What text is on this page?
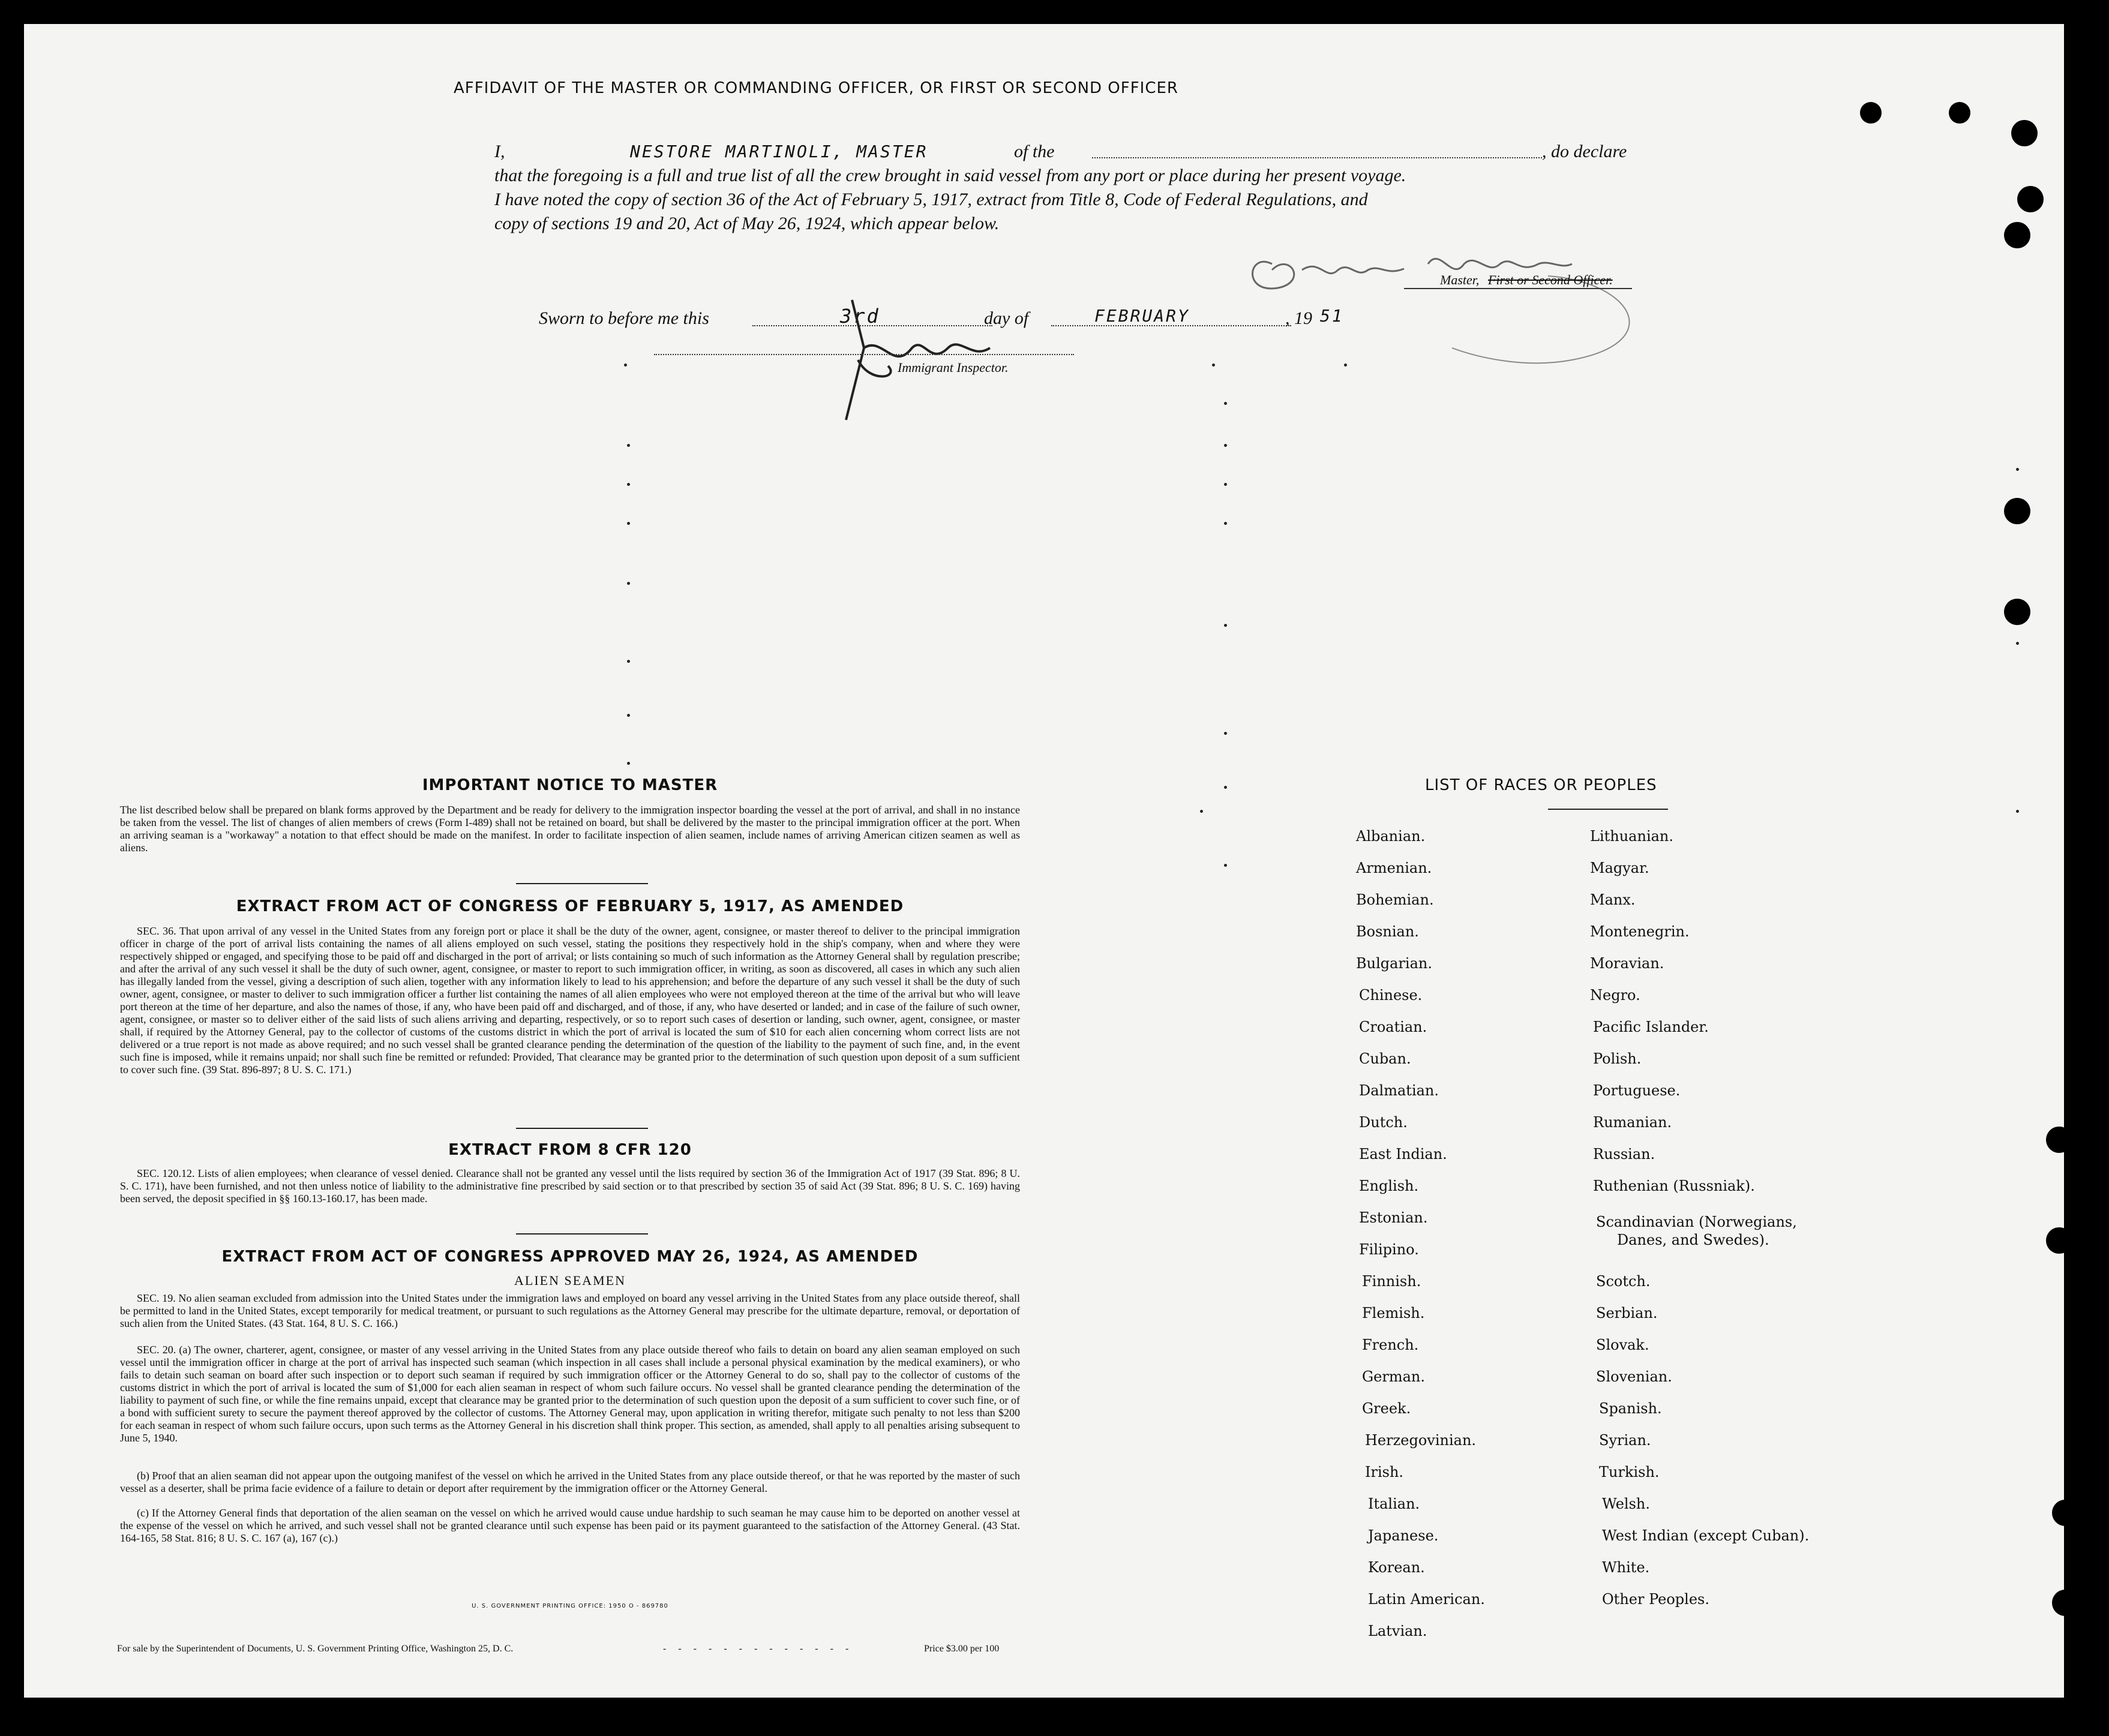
AFFIDAVIT OF THE MASTER OR COMMANDING OFFICER, OR FIRST OR SECOND OFFICER
I,	NESTORE MARTINOLI, MASTER	of the	, do declare
that the foregoing is a full and true list of all the crew brought in said vessel from any port or place during her present voyage.
I have noted the copy of section 36 of the Act of February 5, 1917, extract from Title 8, Code of Federal Regulations, and
copy of sections 19 and 20, Act of May 26, 1924, which appear below.
Master, First or Second Officer.
Sworn to before me this	3rd	day of	FEBRUARY	, 19 51
Immigrant Inspector.
IMPORTANT NOTICE TO MASTER
The list described below shall be prepared on blank forms approved by the Department and be ready for delivery to the immigration inspector boarding the vessel at the port of arrival, and shall in no instance be taken from the vessel. The list of changes of alien members of crews (Form I-489) shall not be retained on board, but shall be delivered by the master to the principal immigration officer at the port. When an arriving seaman is a "workaway" a notation to that effect should be made on the manifest. In order to facilitate inspection of alien seamen, include names of arriving American citizen seamen as well as aliens.
EXTRACT FROM ACT OF CONGRESS OF FEBRUARY 5, 1917, AS AMENDED
SEC. 36. That upon arrival of any vessel in the United States from any foreign port or place it shall be the duty of the owner, agent, consignee, or master thereof to deliver to the principal immigration officer in charge of the port of arrival lists containing the names of all aliens employed on such vessel, stating the positions they respectively hold in the ship's company, when and where they were respectively shipped or engaged, and specifying those to be paid off and discharged in the port of arrival; or lists containing so much of such information as the Attorney General shall by regulation prescribe; and after the arrival of any such vessel it shall be the duty of such owner, agent, consignee, or master to report to such immigration officer, in writing, as soon as discovered, all cases in which any such alien has illegally landed from the vessel, giving a description of such alien, together with any information likely to lead to his apprehension; and before the departure of any such vessel it shall be the duty of such owner, agent, consignee, or master to deliver to such immigration officer a further list containing the names of all alien employees who were not employed thereon at the time of the arrival but who will leave port thereon at the time of her departure, and also the names of those, if any, who have been paid off and discharged, and of those, if any, who have deserted or landed; and in case of the failure of such owner, agent, consignee, or master so to deliver either of the said lists of such aliens arriving and departing, respectively, or so to report such cases of desertion or landing, such owner, agent, consignee, or master shall, if required by the Attorney General, pay to the collector of customs of the customs district in which the port of arrival is located the sum of $10 for each alien concerning whom correct lists are not delivered or a true report is not made as above required; and no such vessel shall be granted clearance pending the determination of the question of the liability to the payment of such fine, and, in the event such fine is imposed, while it remains unpaid; nor shall such fine be remitted or refunded: Provided, That clearance may be granted prior to the determination of such question upon deposit of a sum sufficient to cover such fine. (39 Stat. 896-897; 8 U. S. C. 171.)
EXTRACT FROM 8 CFR 120
SEC. 120.12. Lists of alien employees; when clearance of vessel denied. Clearance shall not be granted any vessel until the lists required by section 36 of the Immigration Act of 1917 (39 Stat. 896; 8 U. S. C. 171), have been furnished, and not then unless notice of liability to the administrative fine prescribed by said section or to that prescribed by section 35 of said Act (39 Stat. 896; 8 U. S. C. 169) having been served, the deposit specified in §§ 160.13-160.17, has been made.
EXTRACT FROM ACT OF CONGRESS APPROVED MAY 26, 1924, AS AMENDED
ALIEN SEAMEN
SEC. 19. No alien seaman excluded from admission into the United States under the immigration laws and employed on board any vessel arriving in the United States from any place outside thereof, shall be permitted to land in the United States, except temporarily for medical treatment, or pursuant to such regulations as the Attorney General may prescribe for the ultimate departure, removal, or deportation of such alien from the United States. (43 Stat. 164, 8 U. S. C. 166.)
SEC. 20. (a) The owner, charterer, agent, consignee, or master of any vessel arriving in the United States from any place outside thereof who fails to detain on board any alien seaman employed on such vessel until the immigration officer in charge at the port of arrival has inspected such seaman (which inspection in all cases shall include a personal physical examination by the medical examiners), or who fails to detain such seaman on board after such inspection or to deport such seaman if required by such immigration officer or the Attorney General to do so, shall pay to the collector of customs of the customs district in which the port of arrival is located the sum of $1,000 for each alien seaman in respect of whom such failure occurs. No vessel shall be granted clearance pending the determination of the liability to payment of such fine, or while the fine remains unpaid, except that clearance may be granted prior to the determination of such question upon the deposit of a sum sufficient to cover such fine, or of a bond with sufficient surety to secure the payment thereof approved by the collector of customs. The Attorney General may, upon application in writing therefor, mitigate such penalty to not less than $200 for each seaman in respect of whom such failure occurs, upon such terms as the Attorney General in his discretion shall think proper. This section, as amended, shall apply to all penalties arising subsequent to June 5, 1940.
(b) Proof that an alien seaman did not appear upon the outgoing manifest of the vessel on which he arrived in the United States from any place outside thereof, or that he was reported by the master of such vessel as a deserter, shall be prima facie evidence of a failure to detain or deport after requirement by the immigration officer or the Attorney General.
(c) If the Attorney General finds that deportation of the alien seaman on the vessel on which he arrived would cause undue hardship to such seaman he may cause him to be deported on another vessel at the expense of the vessel on which he arrived, and such vessel shall not be granted clearance until such expense has been paid or its payment guaranteed to the satisfaction of the Attorney General. (43 Stat. 164-165, 58 Stat. 816; 8 U. S. C. 167 (a), 167 (c).)
U. S. GOVERNMENT PRINTING OFFICE: 1950 O - 869780
For sale by the Superintendent of Documents, U. S. Government Printing Office, Washington 25, D. C.	- - - - - - - - - - - - -	Price $3.00 per 100
LIST OF RACES OR PEOPLES
Albanian.
Armenian.
Bohemian.
Bosnian.
Bulgarian.
Chinese.
Croatian.
Cuban.
Dalmatian.
Dutch.
East Indian.
English.
Estonian.
Filipino.
Finnish.
Flemish.
French.
German.
Greek.
Herzegovinian.
Irish.
Italian.
Japanese.
Korean.
Latin American.
Latvian.
Lithuanian.
Magyar.
Manx.
Montenegrin.
Moravian.
Negro.
Pacific Islander.
Polish.
Portuguese.
Rumanian.
Russian.
Ruthenian (Russniak).
Scandinavian (Norwegians,
Danes, and Swedes).
Scotch.
Serbian.
Slovak.
Slovenian.
Spanish.
Syrian.
Turkish.
Welsh.
West Indian (except Cuban).
White.
Other Peoples.
